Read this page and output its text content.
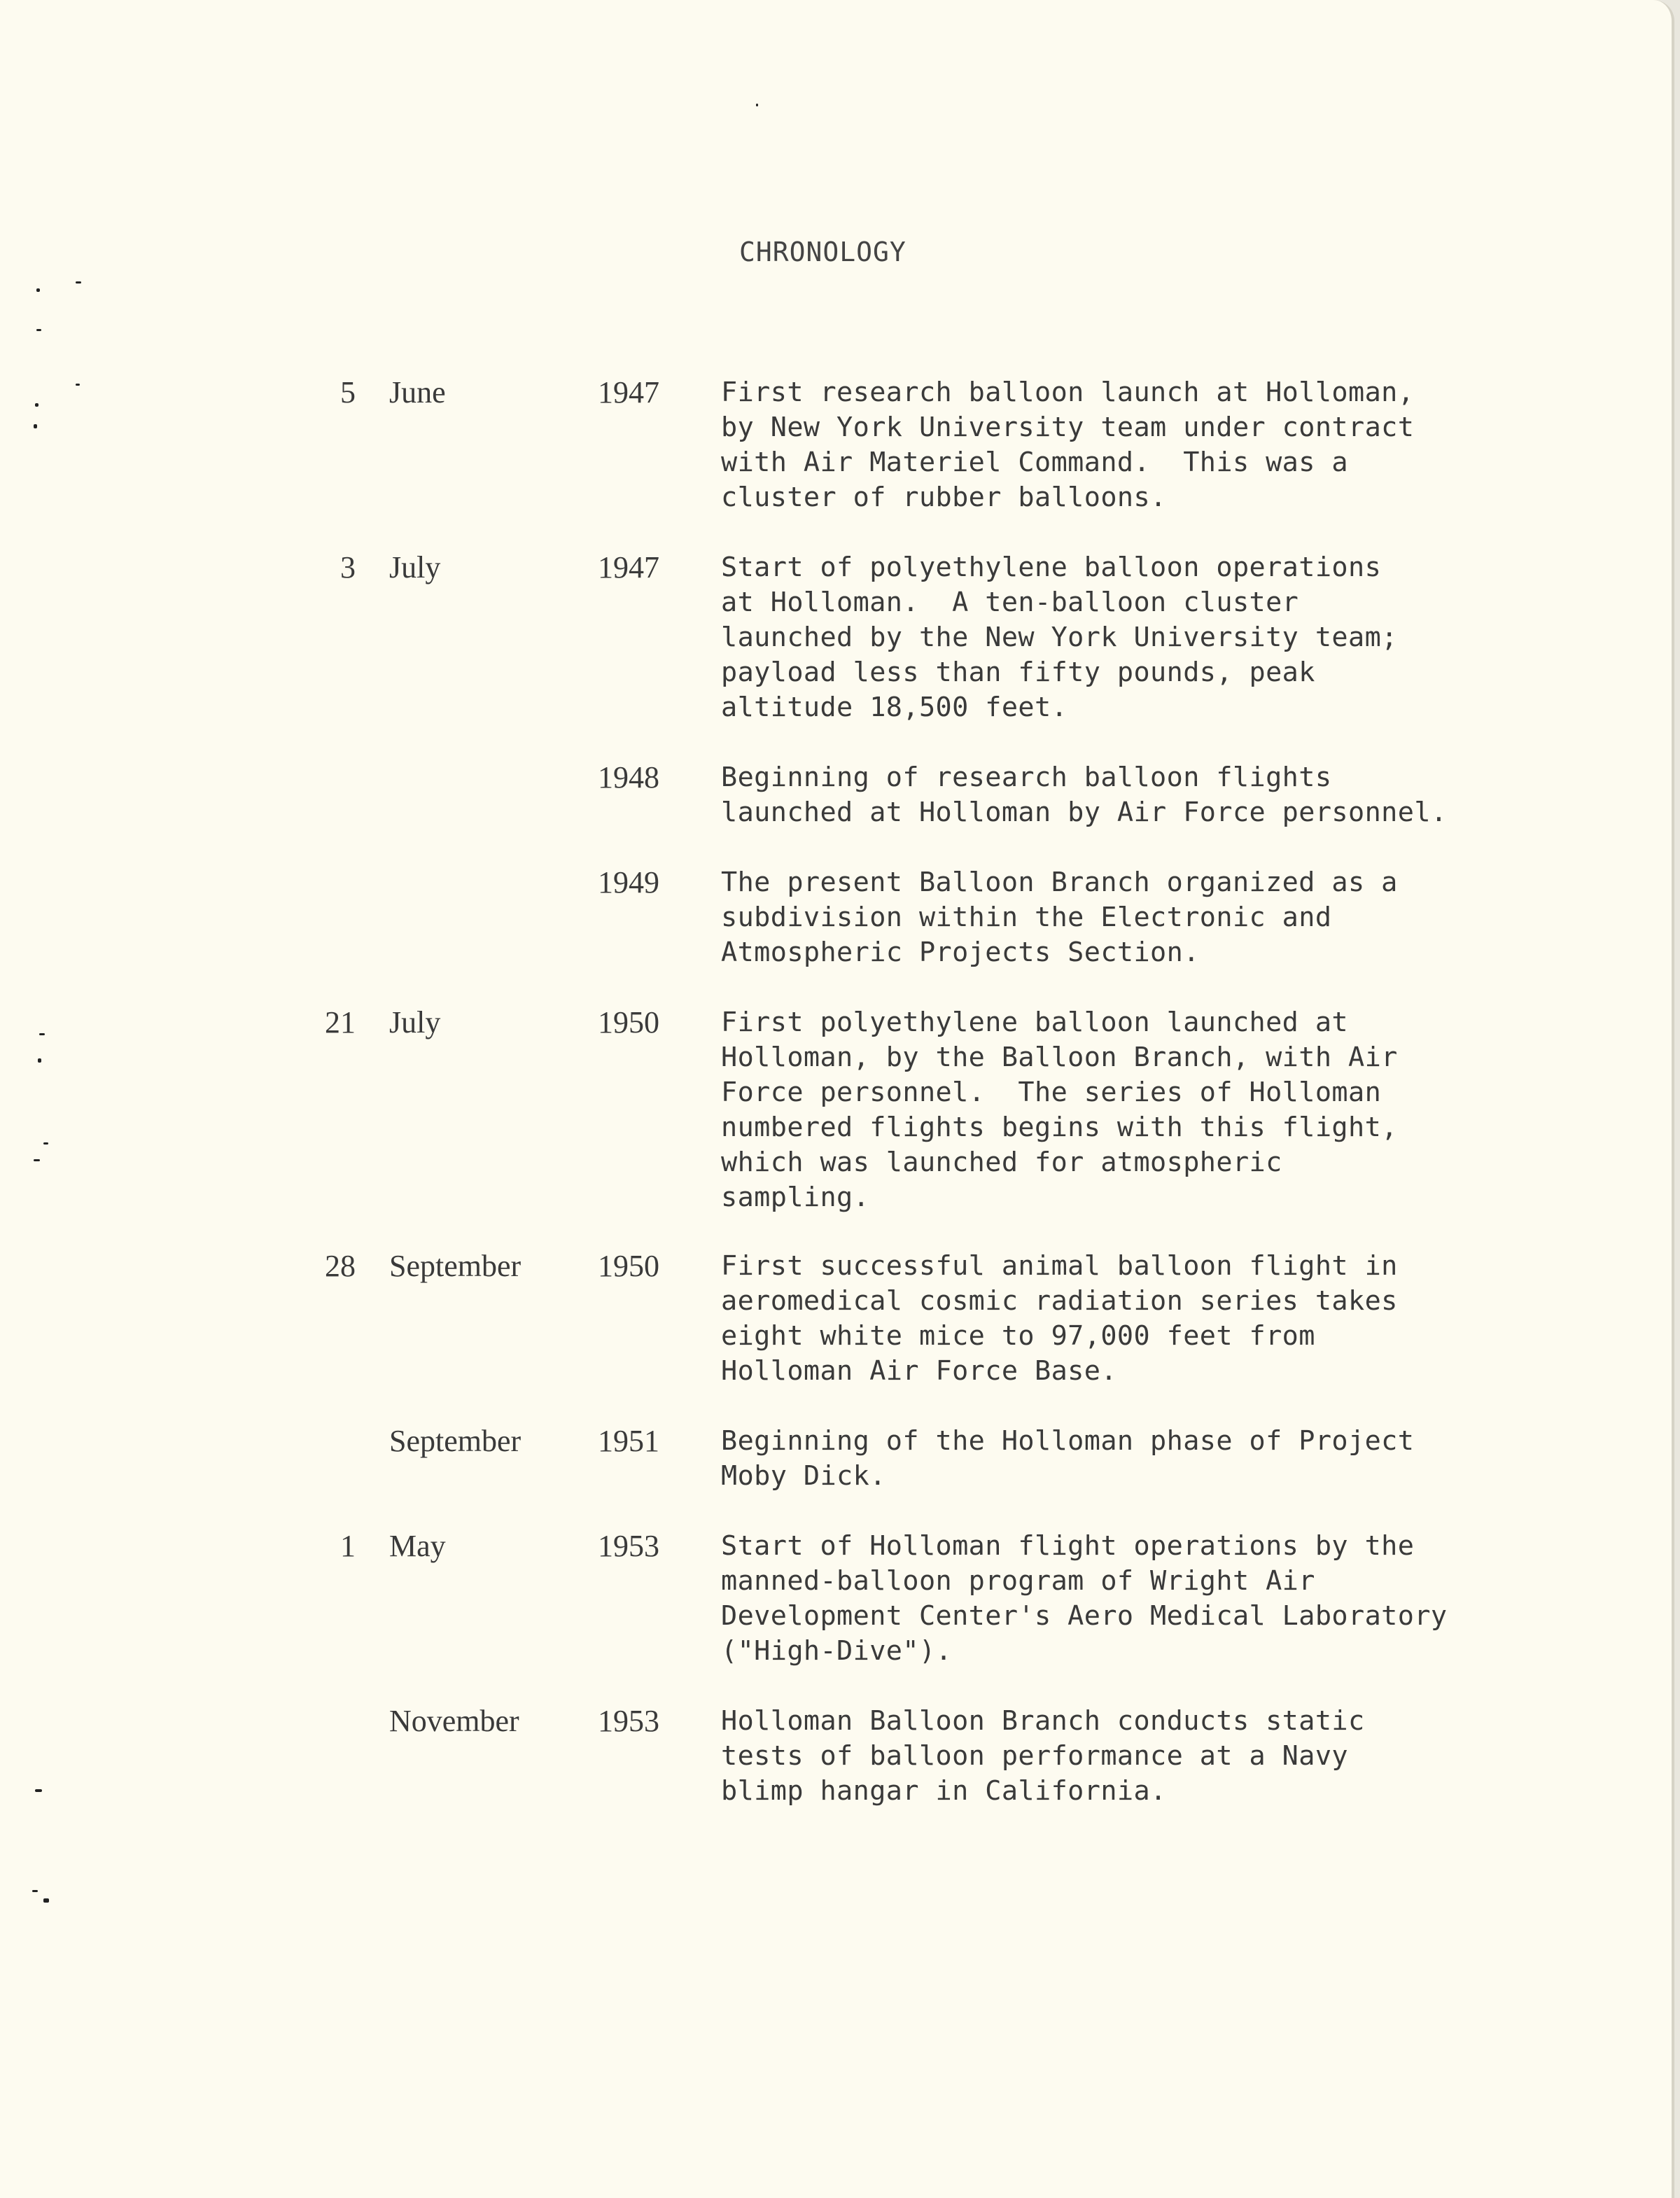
CHRONOLOGY
5 June	1947 First research balloon launch at Holloman,
by New York University team under contract
with Air Materiel Command.  This was a
cluster of rubber balloons.
3 July	1947 Start of polyethylene balloon operations
at Holloman.  A ten-balloon cluster
launched by the New York University team;
payload less than fifty pounds, peak
altitude 18,500 feet.
1948 Beginning of research balloon flights
launched at Holloman by Air Force personnel.
1949 The present Balloon Branch organized as a
subdivision within the Electronic and
Atmospheric Projects Section.
21 July	1950 First polyethylene balloon launched at
Holloman, by the Balloon Branch, with Air
Force personnel.  The series of Holloman
numbered flights begins with this flight,
which was launched for atmospheric
sampling.
28 September 1950 First successful animal balloon flight in
aeromedical cosmic radiation series takes
eight white mice to 97,000 feet from
Holloman Air Force Base.
September 1951 Beginning of the Holloman phase of Project
Moby Dick.
1 May	1953 Start of Holloman flight operations by the
manned-balloon program of Wright Air
Development Center's Aero Medical Laboratory
("High-Dive").
November	1953 Holloman Balloon Branch conducts static
tests of balloon performance at a Navy
blimp hangar in California.
